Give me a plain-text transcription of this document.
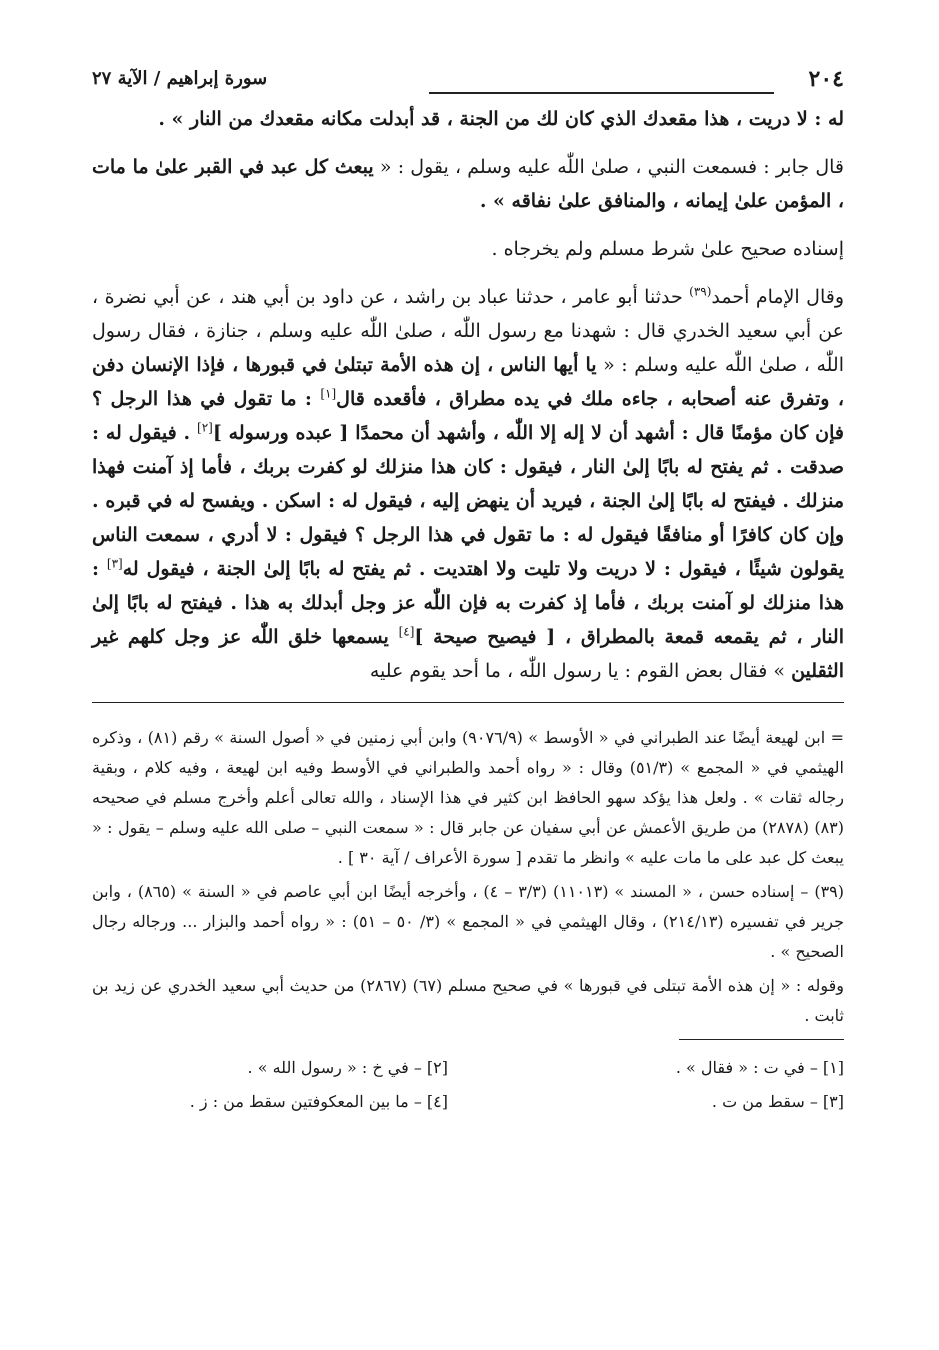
٢٠٤
سورة إبراهيم / الآية ٢٧

له : لا دريت ، هذا مقعدك الذي كان لك من الجنة ، قد أبدلت مكانه مقعدك من النار » .

قال جابر : فسمعت النبي ، صلىٰ اللّٰه عليه وسلم ، يقول : « يبعث كل عبد في القبر علىٰ ما مات ، المؤمن علىٰ إيمانه ، والمنافق علىٰ نفاقه » .

إسناده صحيح علىٰ شرط مسلم ولم يخرجاه .

وقال الإمام أحمد$^{(٣٩)}$ حدثنا أبو عامر ، حدثنا عباد بن راشد ، عن داود بن أبي هند ، عن أبي نضرة ، عن أبي سعيد الخدري قال : شهدنا مع رسول اللّٰه ، صلىٰ اللّٰه عليه وسلم ، جنازة ، فقال رسول اللّٰه ، صلىٰ اللّٰه عليه وسلم : « يا أيها الناس ، إن هذه الأمة تبتلىٰ في قبورها ، فإذا الإنسان دفن ، وتفرق عنه أصحابه ، جاءه ملك في يده مطراق ، فأقعده قال[١] : ما تقول في هذا الرجل ؟ فإن كان مؤمنًا قال : أشهد أن لا إله إلا اللّٰه ، وأشهد أن محمدًا [ عبده ورسوله ][٢] . فيقول له : صدقت . ثم يفتح له بابًا إلىٰ النار ، فيقول : كان هذا منزلك لو كفرت بربك ، فأما إذ آمنت فهذا منزلك . فيفتح له بابًا إلىٰ الجنة ، فيريد أن ينهض إليه ، فيقول له : اسكن . ويفسح له في قبره . وإن كان كافرًا أو منافقًا فيقول له : ما تقول في هذا الرجل ؟ فيقول : لا أدري ، سمعت الناس يقولون شيئًا ، فيقول : لا دريت ولا تليت ولا اهتديت . ثم يفتح له بابًا إلىٰ الجنة ، فيقول له[٣] : هذا منزلك لو آمنت بربك ، فأما إذ كفرت به فإن اللّٰه عز وجل أبدلك به هذا . فيفتح له بابًا إلىٰ النار ، ثم يقمعه قمعة بالمطراق ، [ فيصيح صيحة ][٤] يسمعها خلق اللّٰه عز وجل كلهم غير الثقلين » فقال بعض القوم : يا رسول اللّٰه ، ما أحد يقوم عليه

= ابن لهيعة أيضًا عند الطبراني في « الأوسط » (٩٠٧٦/٩) وابن أبي زمنين في « أصول السنة » رقم (٨١) ، وذكره الهيثمي في « المجمع » (٥١/٣) وقال : « رواه أحمد والطبراني في الأوسط وفيه ابن لهيعة ، وفيه كلام ، وبقية رجاله ثقات » . ولعل هذا يؤكد سهو الحافظ ابن كثير في هذا الإسناد ، والله تعالى أعلم وأخرج مسلم في صحيحه (٨٣) (٢٨٧٨) من طريق الأعمش عن أبي سفيان عن جابر قال : « سمعت النبي – صلى الله عليه وسلم – يقول : « يبعث كل عبد على ما مات عليه » وانظر ما تقدم [ سورة الأعراف / آية ٣٠ ] .

(٣٩) – إسناده حسن ، « المسند » (١١٠١٣) (٣/٣ – ٤) ، وأخرجه أيضًا ابن أبي عاصم في « السنة » (٨٦٥) ، وابن جرير في تفسيره (٢١٤/١٣) ، وقال الهيثمي في « المجمع » (٣/ ٥٠ – ٥١) : « رواه أحمد والبزار ... ورجاله رجال الصحيح » .

وقوله : « إن هذه الأمة تبتلى في قبورها » في صحيح مسلم (٦٧) (٢٨٦٧) من حديث أبي سعيد الخدري عن زيد بن ثابت .

[١] – في ت : « فقال » .
[٢] – في خ : « رسول الله » .
[٣] – سقط من ت .
[٤] – ما بين المعكوفتين سقط من : ز .
